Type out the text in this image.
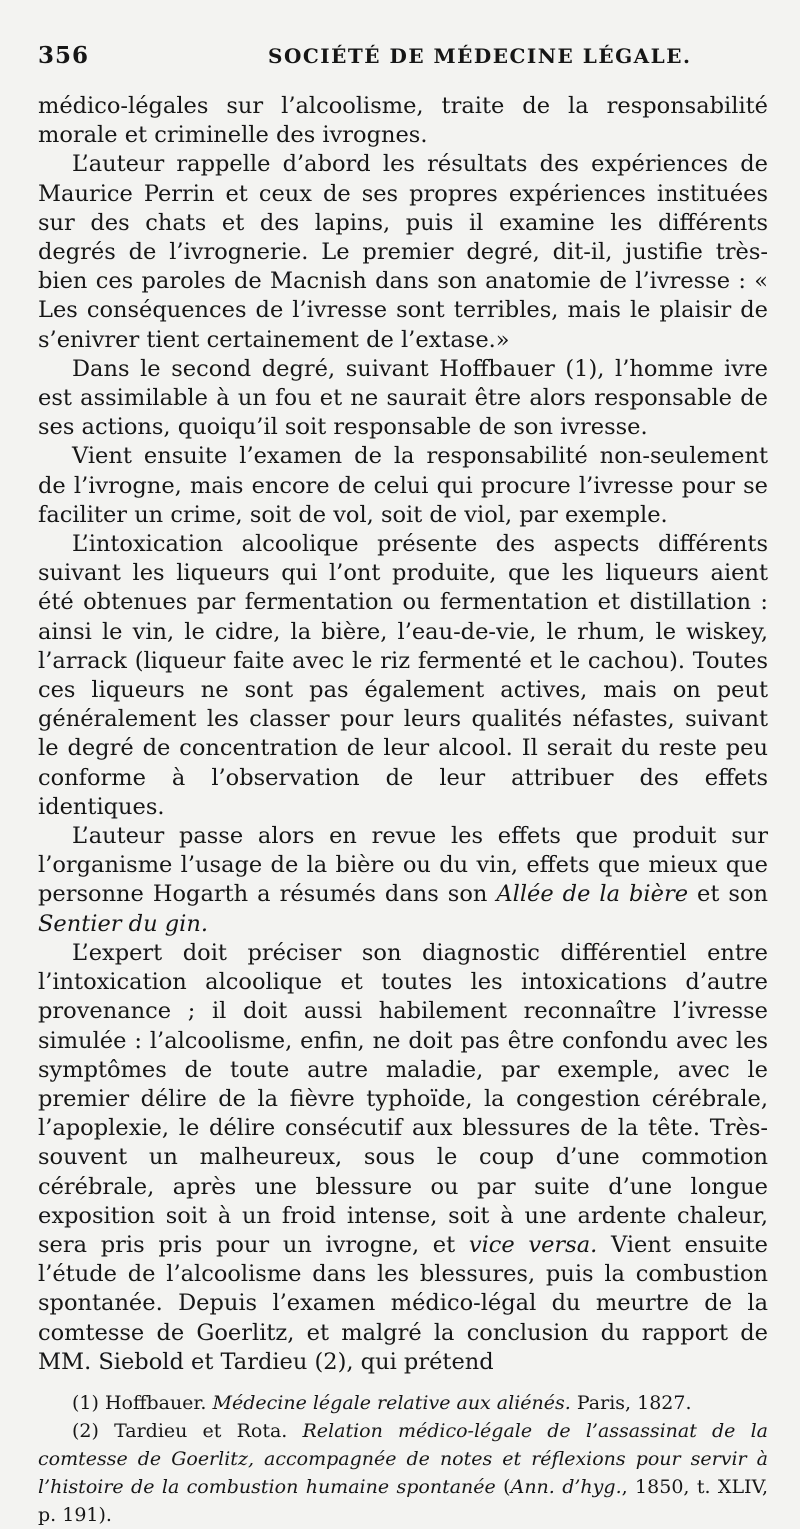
356	SOCIÉTÉ DE MÉDECINE LÉGALE.

médico-légales sur l’alcoolisme, traite de la responsabilité morale et criminelle des ivrognes.

L’auteur rappelle d’abord les résultats des expériences de Maurice Perrin et ceux de ses propres expériences instituées sur des chats et des lapins, puis il examine les différents degrés de l’ivrognerie. Le premier degré, dit-il, justifie très-bien ces paroles de Macnish dans son anatomie de l’ivresse : « Les conséquences de l’ivresse sont terribles, mais le plaisir de s’enivrer tient certainement de l’extase.»

Dans le second degré, suivant Hoffbauer (1), l’homme ivre est assimilable à un fou et ne saurait être alors responsable de ses actions, quoiqu’il soit responsable de son ivresse.

Vient ensuite l’examen de la responsabilité non-seulement de l’ivrogne, mais encore de celui qui procure l’ivresse pour se faciliter un crime, soit de vol, soit de viol, par exemple.

L’intoxication alcoolique présente des aspects différents suivant les liqueurs qui l’ont produite, que les liqueurs aient été obtenues par fermentation ou fermentation et distillation : ainsi le vin, le cidre, la bière, l’eau-de-vie, le rhum, le wiskey, l’arrack (liqueur faite avec le riz fermenté et le cachou). Toutes ces liqueurs ne sont pas également actives, mais on peut généralement les classer pour leurs qualités néfastes, suivant le degré de concentration de leur alcool. Il serait du reste peu conforme à l’observation de leur attribuer des effets identiques.

L’auteur passe alors en revue les effets que produit sur l’organisme l’usage de la bière ou du vin, effets que mieux que personne Hogarth a résumés dans son Allée de la bière et son Sentier du gin.

L’expert doit préciser son diagnostic différentiel entre l’intoxication alcoolique et toutes les intoxications d’autre provenance ; il doit aussi habilement reconnaître l’ivresse simulée : l’alcoolisme, enfin, ne doit pas être confondu avec les symptômes de toute autre maladie, par exemple, avec le premier délire de la fièvre typhoïde, la congestion cérébrale, l’apoplexie, le délire consécutif aux blessures de la tête. Très-souvent un malheureux, sous le coup d’une commotion cérébrale, après une blessure ou par suite d’une longue exposition soit à un froid intense, soit à une ardente chaleur, sera pris pris pour un ivrogne, et vice versa. Vient ensuite l’étude de l’alcoolisme dans les blessures, puis la combustion spontanée. Depuis l’examen médico-légal du meurtre de la comtesse de Goerlitz, et malgré la conclusion du rapport de MM. Siebold et Tardieu (2), qui prétend

(1) Hoffbauer. Médecine légale relative aux aliénés. Paris, 1827.

(2) Tardieu et Rota. Relation médico-légale de l’assassinat de la comtesse de Goerlitz, accompagnée de notes et réflexions pour servir à l’histoire de la combustion humaine spontanée (Ann. d’hyg., 1850, t. XLIV, p. 191).
